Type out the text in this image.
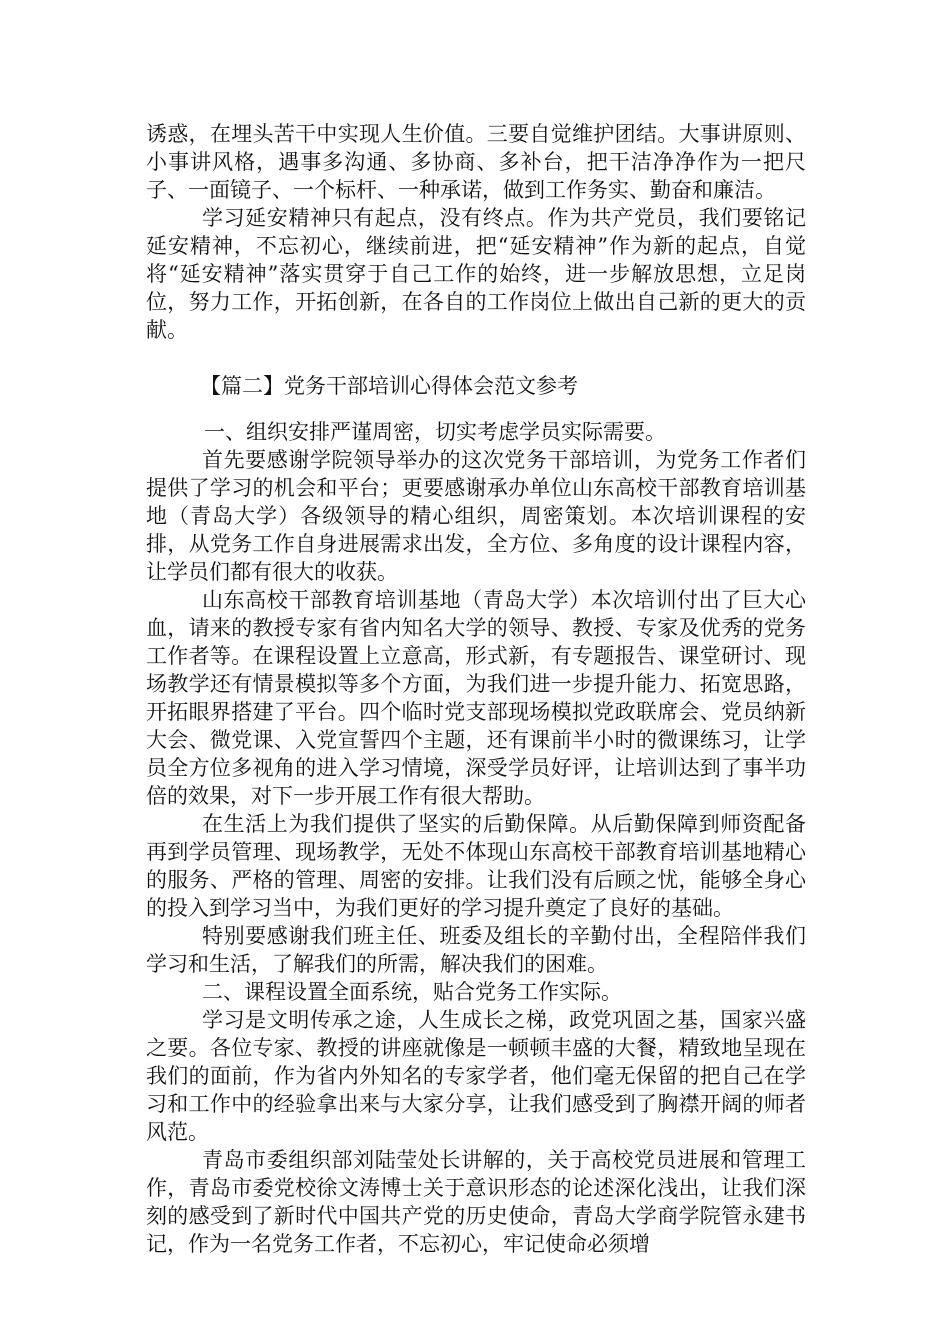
诱惑，在埋头苦干中实现人生价值。三要自觉维护团结。大事讲原则、小事讲风格，遇事多沟通、多协商、多补台，把干洁净净作为一把尺子、一面镜子、一个标杆、一种承诺，做到工作务实、勤奋和廉洁。

学习延安精神只有起点，没有终点。作为共产党员，我们要铭记延安精神，不忘初心，继续前进，把“延安精神”作为新的起点，自觉将“延安精神”落实贯穿于自己工作的始终，进一步解放思想，立足岗位，努力工作，开拓创新，在各自的工作岗位上做出自己新的更大的贡献。

【篇二】党务干部培训心得体会范文参考

一、组织安排严谨周密，切实考虑学员实际需要。

首先要感谢学院领导举办的这次党务干部培训，为党务工作者们提供了学习的机会和平台；更要感谢承办单位山东高校干部教育培训基地（青岛大学）各级领导的精心组织，周密策划。本次培训课程的安排，从党务工作自身进展需求出发，全方位、多角度的设计课程内容，让学员们都有很大的收获。

山东高校干部教育培训基地（青岛大学）本次培训付出了巨大心血，请来的教授专家有省内知名大学的领导、教授、专家及优秀的党务工作者等。在课程设置上立意高，形式新，有专题报告、课堂研讨、现场教学还有情景模拟等多个方面，为我们进一步提升能力、拓宽思路，开拓眼界搭建了平台。四个临时党支部现场模拟党政联席会、党员纳新大会、微党课、入党宣誓四个主题，还有课前半小时的微课练习，让学员全方位多视角的进入学习情境，深受学员好评，让培训达到了事半功倍的效果，对下一步开展工作有很大帮助。

在生活上为我们提供了坚实的后勤保障。从后勤保障到师资配备再到学员管理、现场教学，无处不体现山东高校干部教育培训基地精心的服务、严格的管理、周密的安排。让我们没有后顾之忧，能够全身心的投入到学习当中，为我们更好的学习提升奠定了良好的基础。

特别要感谢我们班主任、班委及组长的辛勤付出，全程陪伴我们学习和生活，了解我们的所需，解决我们的困难。

二、课程设置全面系统，贴合党务工作实际。

学习是文明传承之途，人生成长之梯，政党巩固之基，国家兴盛之要。各位专家、教授的讲座就像是一顿顿丰盛的大餐，精致地呈现在我们的面前，作为省内外知名的专家学者，他们毫无保留的把自己在学习和工作中的经验拿出来与大家分享，让我们感受到了胸襟开阔的师者风范。

青岛市委组织部刘陆莹处长讲解的，关于高校党员进展和管理工作，青岛市委党校徐文涛博士关于意识形态的论述深化浅出，让我们深刻的感受到了新时代中国共产党的历史使命，青岛大学商学院管永建书记，作为一名党务工作者，不忘初心，牢记使命必须增
